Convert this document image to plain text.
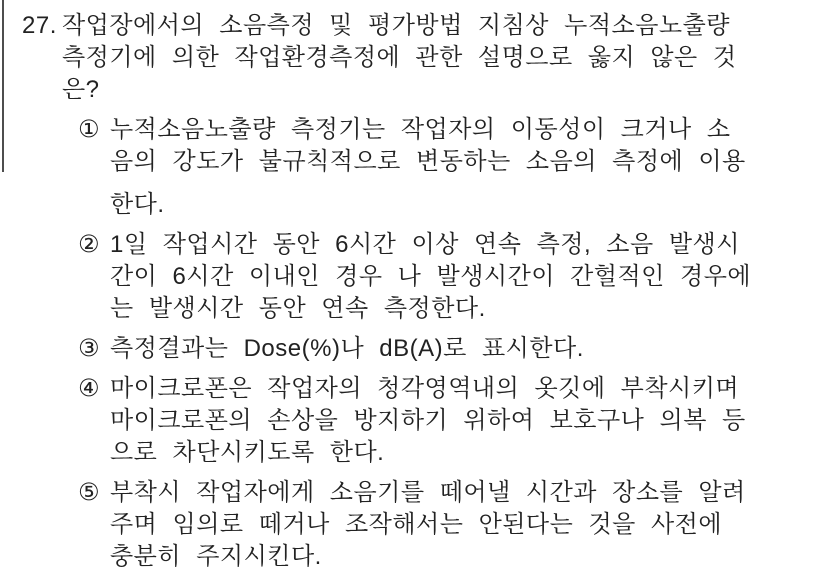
27. 작업장에서의 소음측정 및 평가방법 지침상 누적소음노출량
측정기에 의한 작업환경측정에 관한 설명으로 옳지 않은 것
은?
① 누적소음노출량 측정기는 작업자의 이동성이 크거나 소
음의 강도가 불규칙적으로 변동하는 소음의 측정에 이용
한다.
② 1일 작업시간 동안 6시간 이상 연속 측정, 소음 발생시
간이 6시간 이내인 경우 나 발생시간이 간헐적인 경우에
는 발생시간 동안 연속 측정한다.
③ 측정결과는 Dose(%)나 dB(A)로 표시한다.
④ 마이크로폰은 작업자의 청각영역내의 옷깃에 부착시키며
마이크로폰의 손상을 방지하기 위하여 보호구나 의복 등
으로 차단시키도록 한다.
⑤ 부착시 작업자에게 소음기를 떼어낼 시간과 장소를 알려
주며 임의로 떼거나 조작해서는 안된다는 것을 사전에
충분히 주지시킨다.
